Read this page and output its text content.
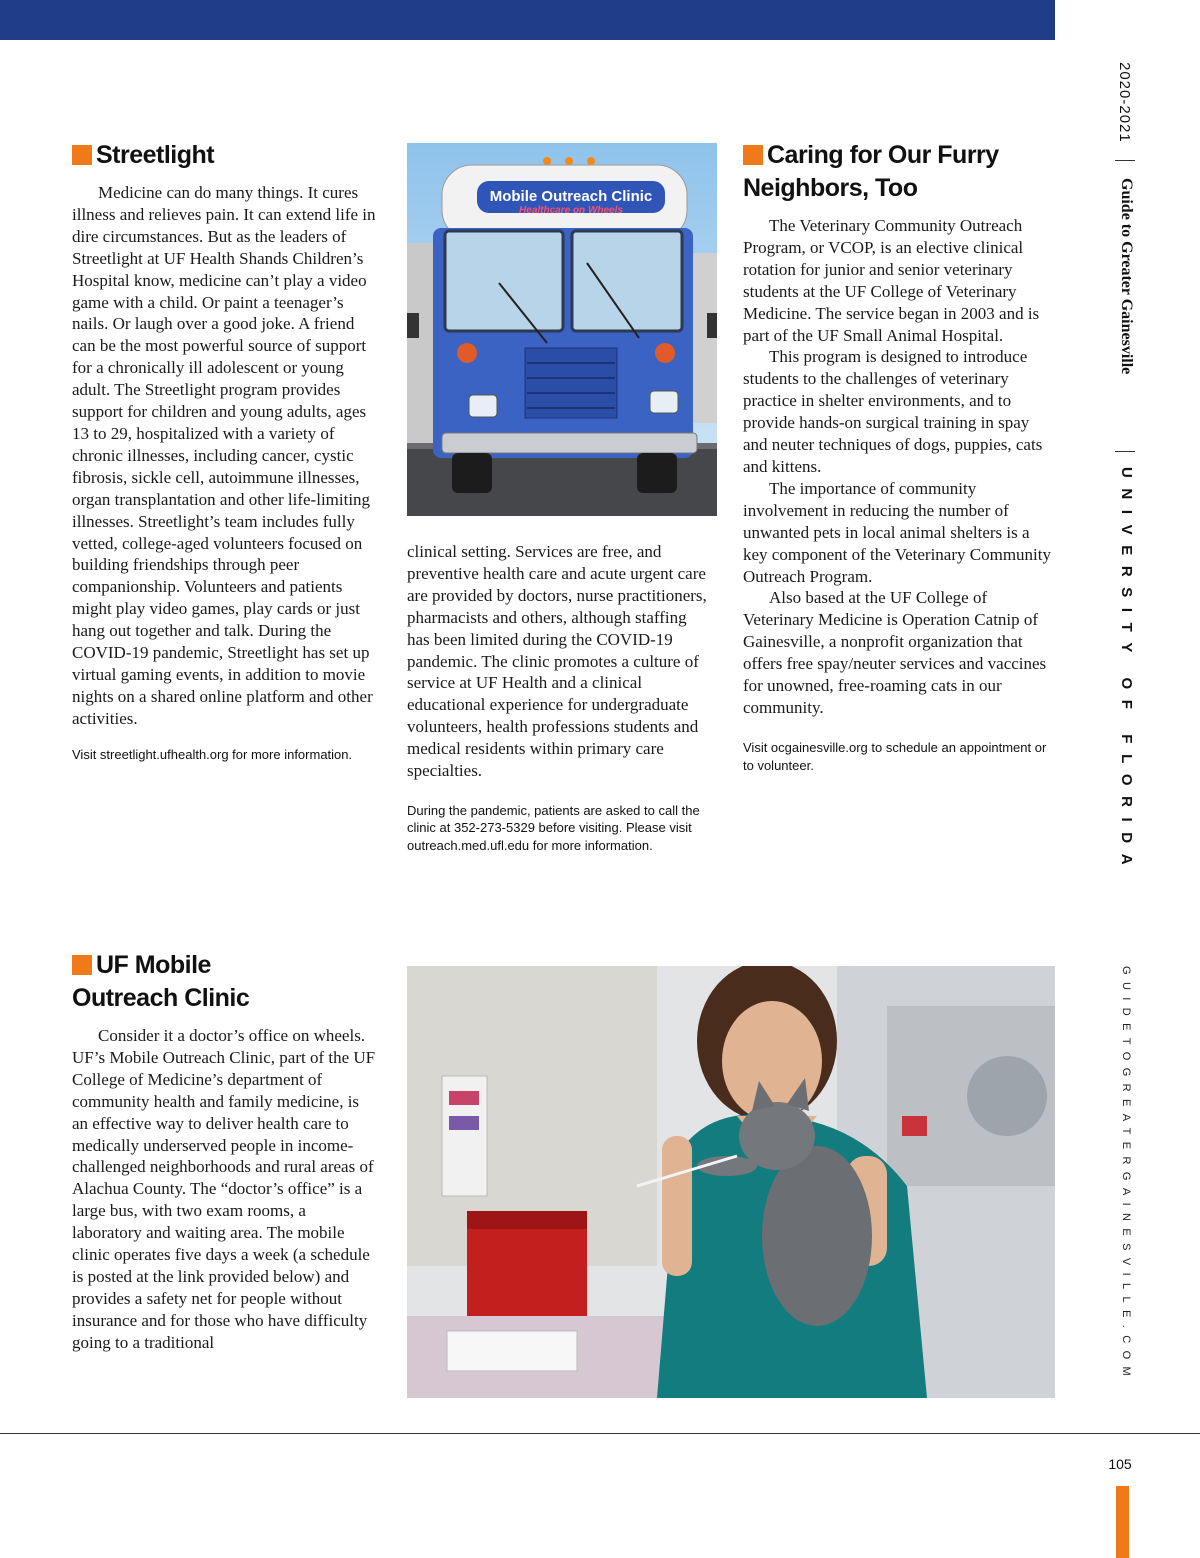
Streetlight

Medicine can do many things. It cures illness and relieves pain. It can extend life in dire circumstances. But as the leaders of Streetlight at UF Health Shands Children’s Hospital know, medicine can’t play a video game with a child. Or paint a teenager’s nails. Or laugh over a good joke. A friend can be the most powerful source of support for a chronically ill adolescent or young adult. The Streetlight program provides support for children and young adults, ages 13 to 29, hospitalized with a variety of chronic illnesses, including cancer, cystic fibrosis, sickle cell, autoimmune illnesses, organ transplantation and other life-limiting illnesses. Streetlight’s team includes fully vetted, college-aged volunteers focused on building friendships through peer companionship. Volunteers and patients might play video games, play cards or just hang out together and talk. During the COVID-19 pandemic, Streetlight has set up virtual gaming events, in addition to movie nights on a shared online platform and other activities.

Visit streetlight.ufhealth.org for more information.

UF Mobile
Outreach Clinic

Consider it a doctor’s office on wheels. UF’s Mobile Outreach Clinic, part of the UF College of Medicine’s department of community health and family medicine, is an effective way to deliver health care to medically underserved people in income-challenged neighborhoods and rural areas of Alachua County. The “doctor’s office” is a large bus, with two exam rooms, a laboratory and waiting area. The mobile clinic operates five days a week (a schedule is posted at the link provided below) and provides a safety net for people without insurance and for those who have difficulty going to a traditional

Mobile Outreach Clinic
Healthcare on Wheels

clinical setting. Services are free, and preventive health care and acute urgent care are provided by doctors, nurse practitioners, pharmacists and others, although staffing has been limited during the COVID-19 pandemic. The clinic promotes a culture of service at UF Health and a clinical educational experience for undergraduate volunteers, health professions students and medical residents within primary care specialties.

During the pandemic, patients are asked to call the clinic at 352-273-5329 before visiting. Please visit outreach.med.ufl.edu for more information.

Caring for Our Furry
Neighbors, Too

The Veterinary Community Outreach Program, or VCOP, is an elective clinical rotation for junior and senior veterinary students at the UF College of Veterinary Medicine. The service began in 2003 and is part of the UF Small Animal Hospital.

This program is designed to introduce students to the challenges of veterinary practice in shelter environments, and to provide hands-on surgical training in spay and neuter techniques of dogs, puppies, cats and kittens.

The importance of community involvement in reducing the number of unwanted pets in local animal shelters is a key component of the Veterinary Community Outreach Program.

Also based at the UF College of Veterinary Medicine is Operation Catnip of Gainesville, a nonprofit organization that offers free spay/neuter services and vaccines for unowned, free-roaming cats in our community.

Visit ocgainesville.org to schedule an appointment or to volunteer.

2020-2021
Guide to Greater Gainesville
UNIVERSITY OF FLORIDA
GUIDETOGREATERGAINESVILLE.COM
105
